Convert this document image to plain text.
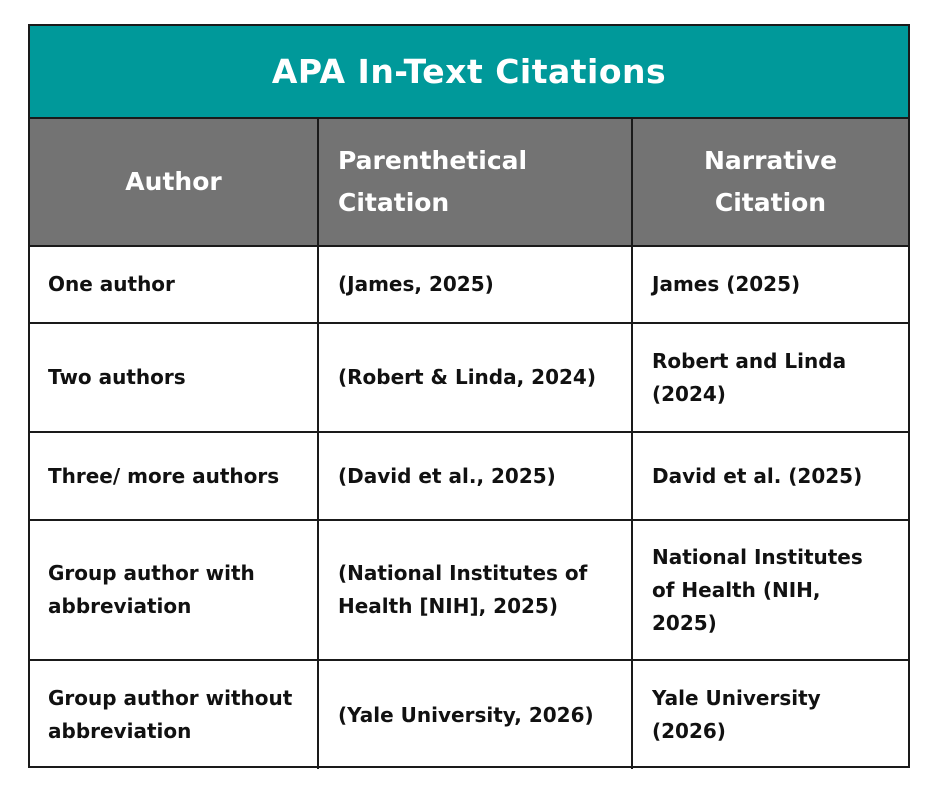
APA In-Text Citations
Author	Parenthetical Citation	Narrative Citation
One author	(James, 2025)	James (2025)
Two authors	(Robert & Linda, 2024)	Robert and Linda (2024)
Three/ more authors	(David et al., 2025)	David et al. (2025)
Group author with abbreviation	(National Institutes of Health [NIH], 2025)	National Institutes of Health (NIH, 2025)
Group author without abbreviation	(Yale University, 2026)	Yale University (2026)
